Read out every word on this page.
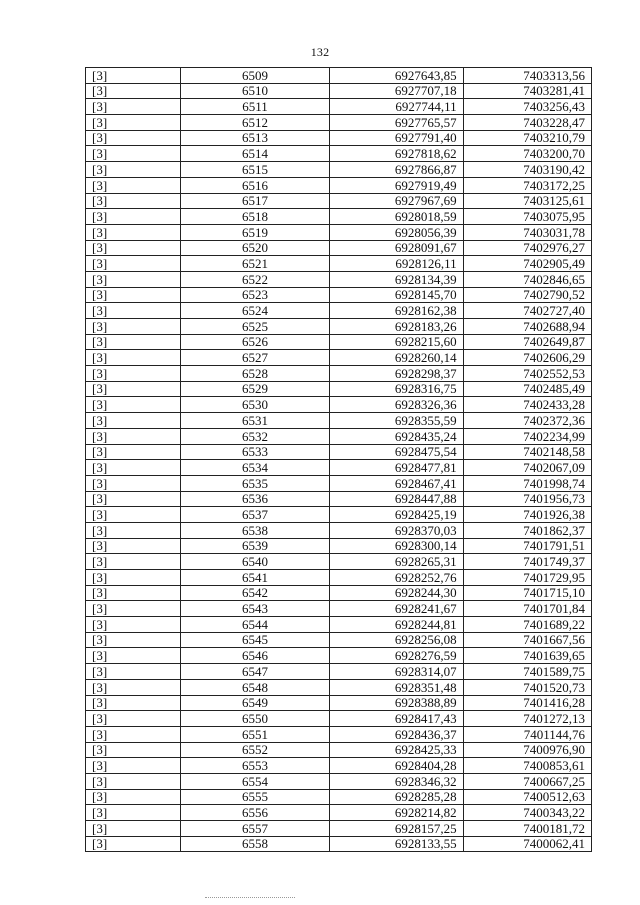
132
[3]	6509	6927643,85	7403313,56
[3]	6510	6927707,18	7403281,41
[3]	6511	6927744,11	7403256,43
[3]	6512	6927765,57	7403228,47
[3]	6513	6927791,40	7403210,79
[3]	6514	6927818,62	7403200,70
[3]	6515	6927866,87	7403190,42
[3]	6516	6927919,49	7403172,25
[3]	6517	6927967,69	7403125,61
[3]	6518	6928018,59	7403075,95
[3]	6519	6928056,39	7403031,78
[3]	6520	6928091,67	7402976,27
[3]	6521	6928126,11	7402905,49
[3]	6522	6928134,39	7402846,65
[3]	6523	6928145,70	7402790,52
[3]	6524	6928162,38	7402727,40
[3]	6525	6928183,26	7402688,94
[3]	6526	6928215,60	7402649,87
[3]	6527	6928260,14	7402606,29
[3]	6528	6928298,37	7402552,53
[3]	6529	6928316,75	7402485,49
[3]	6530	6928326,36	7402433,28
[3]	6531	6928355,59	7402372,36
[3]	6532	6928435,24	7402234,99
[3]	6533	6928475,54	7402148,58
[3]	6534	6928477,81	7402067,09
[3]	6535	6928467,41	7401998,74
[3]	6536	6928447,88	7401956,73
[3]	6537	6928425,19	7401926,38
[3]	6538	6928370,03	7401862,37
[3]	6539	6928300,14	7401791,51
[3]	6540	6928265,31	7401749,37
[3]	6541	6928252,76	7401729,95
[3]	6542	6928244,30	7401715,10
[3]	6543	6928241,67	7401701,84
[3]	6544	6928244,81	7401689,22
[3]	6545	6928256,08	7401667,56
[3]	6546	6928276,59	7401639,65
[3]	6547	6928314,07	7401589,75
[3]	6548	6928351,48	7401520,73
[3]	6549	6928388,89	7401416,28
[3]	6550	6928417,43	7401272,13
[3]	6551	6928436,37	7401144,76
[3]	6552	6928425,33	7400976,90
[3]	6553	6928404,28	7400853,61
[3]	6554	6928346,32	7400667,25
[3]	6555	6928285,28	7400512,63
[3]	6556	6928214,82	7400343,22
[3]	6557	6928157,25	7400181,72
[3]	6558	6928133,55	7400062,41
